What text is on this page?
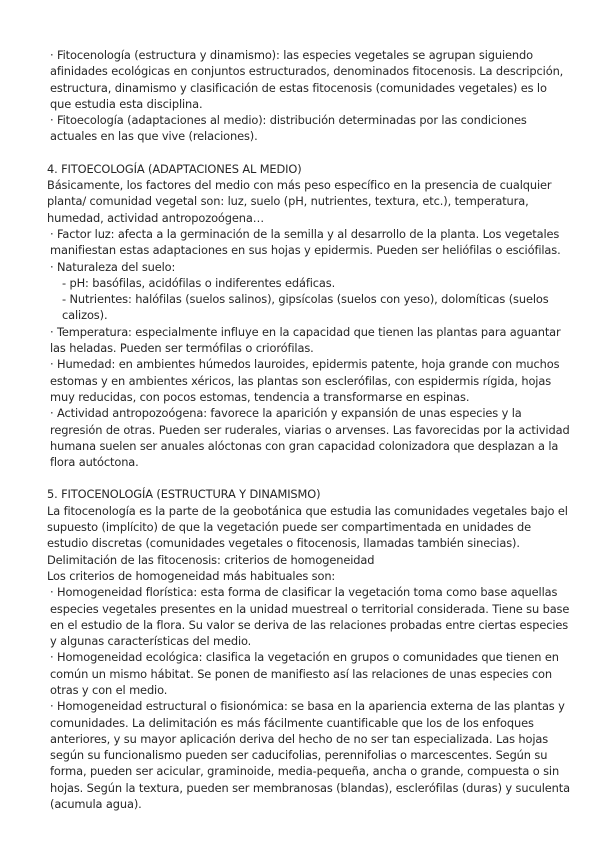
· Fitocenología (estructura y dinamismo): las especies vegetales se agrupan siguiendo afinidades ecológicas en conjuntos estructurados, denominados fitocenosis. La descripción, estructura, dinamismo y clasificación de estas fitocenosis (comunidades vegetales) es lo que estudia esta disciplina.

· Fitoecología (adaptaciones al medio): distribución determinadas por las condiciones actuales en las que vive (relaciones).

4. FITOECOLOGÍA (ADAPTACIONES AL MEDIO)

Básicamente, los factores del medio con más peso específico en la presencia de cualquier planta/ comunidad vegetal son: luz, suelo (pH, nutrientes, textura, etc.), temperatura, humedad, actividad antropozoógena…

· Factor luz: afecta a la germinación de la semilla y al desarrollo de la planta. Los vegetales manifiestan estas adaptaciones en sus hojas y epidermis. Pueden ser heliófilas o esciófilas.

· Naturaleza del suelo:

- pH: basófilas, acidófilas o indiferentes edáficas.

- Nutrientes: halófilas (suelos salinos), gipsícolas (suelos con yeso), dolomíticas (suelos calizos).

· Temperatura: especialmente influye en la capacidad que tienen las plantas para aguantar las heladas. Pueden ser termófilas o criorófilas.

· Humedad: en ambientes húmedos lauroides, epidermis patente, hoja grande con muchos estomas y en ambientes xéricos, las plantas son esclerófilas, con espidermis rígida, hojas muy reducidas, con pocos estomas, tendencia a transformarse en espinas.

· Actividad antropozoógena: favorece la aparición y expansión de unas especies y la regresión de otras. Pueden ser ruderales, viarias o arvenses. Las favorecidas por la actividad humana suelen ser anuales alóctonas con gran capacidad colonizadora que desplazan a la flora autóctona.

5. FITOCENOLOGÍA (ESTRUCTURA Y DINAMISMO)

La fitocenología es la parte de la geobotánica que estudia las comunidades vegetales bajo el supuesto (implícito) de que la vegetación puede ser compartimentada en unidades de estudio discretas (comunidades vegetales o fitocenosis, llamadas también sinecias).

Delimitación de las fitocenosis: criterios de homogeneidad

Los criterios de homogeneidad más habituales son:

· Homogeneidad florística: esta forma de clasificar la vegetación toma como base aquellas especies vegetales presentes en la unidad muestreal o territorial considerada. Tiene su base en el estudio de la flora. Su valor se deriva de las relaciones probadas entre ciertas especies y algunas características del medio.

· Homogeneidad ecológica: clasifica la vegetación en grupos o comunidades que tienen en común un mismo hábitat. Se ponen de manifiesto así las relaciones de unas especies con otras y con el medio.

· Homogeneidad estructural o fisionómica: se basa en la apariencia externa de las plantas y comunidades. La delimitación es más fácilmente cuantificable que los de los enfoques anteriores, y su mayor aplicación deriva del hecho de no ser tan especializada. Las hojas según su funcionalismo pueden ser caducifolias, perennifolias o marcescentes. Según su forma, pueden ser acicular, graminoide, media-pequeña, ancha o grande, compuesta o sin hojas. Según la textura, pueden ser membranosas (blandas), esclerófilas (duras) y suculenta (acumula agua).
